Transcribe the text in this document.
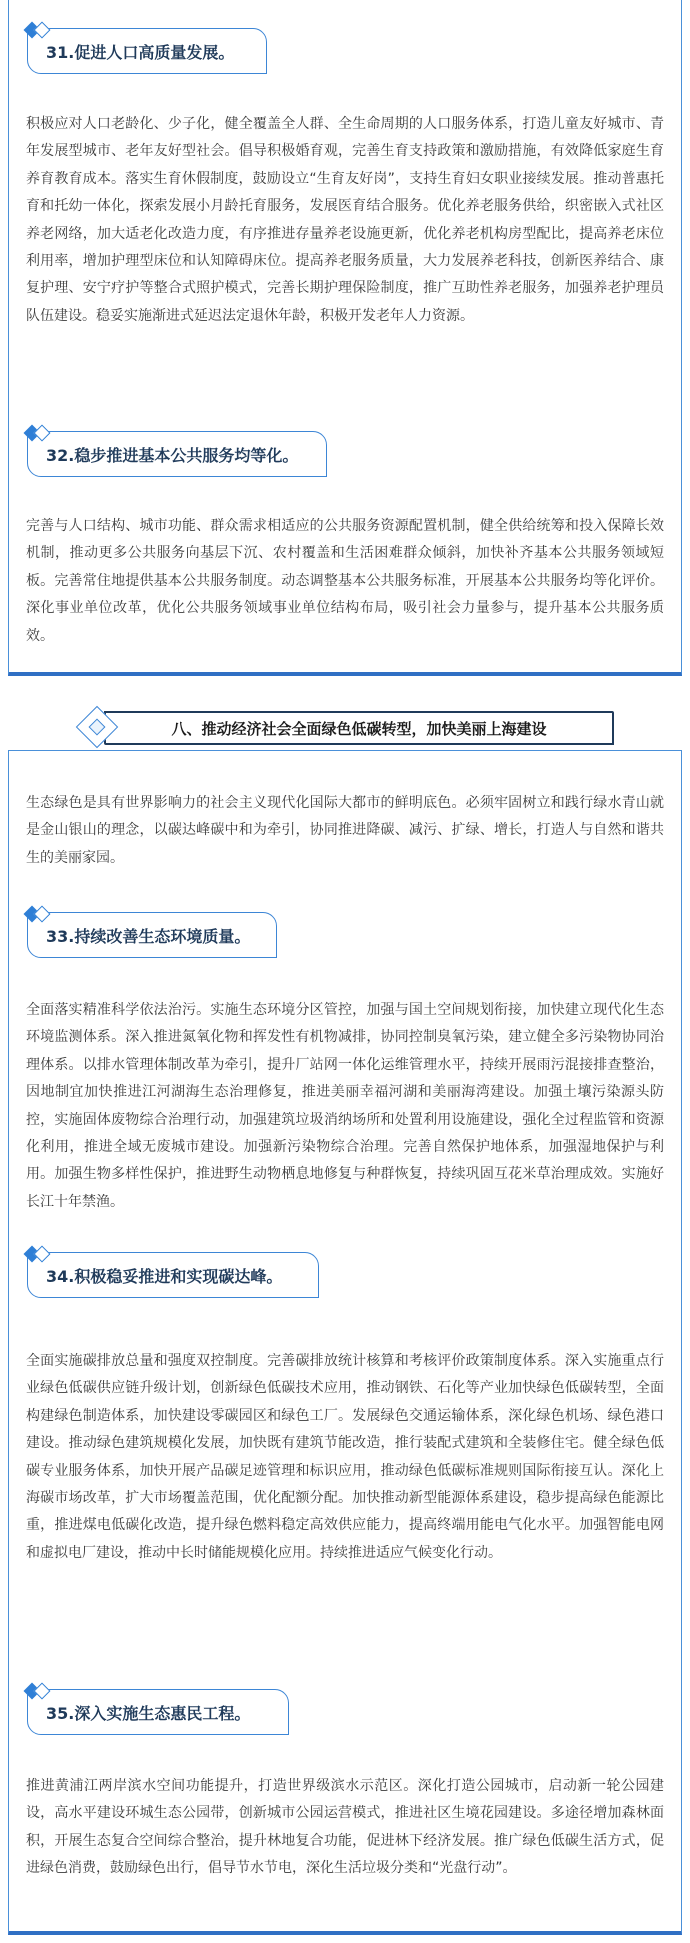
31.促进人口高质量发展。

积极应对人口老龄化、少子化，健全覆盖全人群、全生命周期的人口服务体系，打造儿童友好城市、青年发展型城市、老年友好型社会。倡导积极婚育观，完善生育支持政策和激励措施，有效降低家庭生育养育教育成本。落实生育休假制度，鼓励设立“生育友好岗”，支持生育妇女职业接续发展。推动普惠托育和托幼一体化，探索发展小月龄托育服务，发展医育结合服务。优化养老服务供给，织密嵌入式社区养老网络，加大适老化改造力度，有序推进存量养老设施更新，优化养老机构房型配比，提高养老床位利用率，增加护理型床位和认知障碍床位。提高养老服务质量，大力发展养老科技，创新医养结合、康复护理、安宁疗护等整合式照护模式，完善长期护理保险制度，推广互助性养老服务，加强养老护理员队伍建设。稳妥实施渐进式延迟法定退休年龄，积极开发老年人力资源。

32.稳步推进基本公共服务均等化。

完善与人口结构、城市功能、群众需求相适应的公共服务资源配置机制，健全供给统筹和投入保障长效机制，推动更多公共服务向基层下沉、农村覆盖和生活困难群众倾斜，加快补齐基本公共服务领域短板。完善常住地提供基本公共服务制度。动态调整基本公共服务标准，开展基本公共服务均等化评价。深化事业单位改革，优化公共服务领域事业单位结构布局，吸引社会力量参与，提升基本公共服务质效。

八、推动经济社会全面绿色低碳转型，加快美丽上海建设

生态绿色是具有世界影响力的社会主义现代化国际大都市的鲜明底色。必须牢固树立和践行绿水青山就是金山银山的理念，以碳达峰碳中和为牵引，协同推进降碳、减污、扩绿、增长，打造人与自然和谐共生的美丽家园。

33.持续改善生态环境质量。

全面落实精准科学依法治污。实施生态环境分区管控，加强与国土空间规划衔接，加快建立现代化生态环境监测体系。深入推进氮氧化物和挥发性有机物减排，协同控制臭氧污染，建立健全多污染物协同治理体系。以排水管理体制改革为牵引，提升厂站网一体化运维管理水平，持续开展雨污混接排查整治，因地制宜加快推进江河湖海生态治理修复，推进美丽幸福河湖和美丽海湾建设。加强土壤污染源头防控，实施固体废物综合治理行动，加强建筑垃圾消纳场所和处置利用设施建设，强化全过程监管和资源化利用，推进全域无废城市建设。加强新污染物综合治理。完善自然保护地体系，加强湿地保护与利用。加强生物多样性保护，推进野生动物栖息地修复与种群恢复，持续巩固互花米草治理成效。实施好长江十年禁渔。

34.积极稳妥推进和实现碳达峰。

全面实施碳排放总量和强度双控制度。完善碳排放统计核算和考核评价政策制度体系。深入实施重点行业绿色低碳供应链升级计划，创新绿色低碳技术应用，推动钢铁、石化等产业加快绿色低碳转型，全面构建绿色制造体系，加快建设零碳园区和绿色工厂。发展绿色交通运输体系，深化绿色机场、绿色港口建设。推动绿色建筑规模化发展，加快既有建筑节能改造，推行装配式建筑和全装修住宅。健全绿色低碳专业服务体系，加快开展产品碳足迹管理和标识应用，推动绿色低碳标准规则国际衔接互认。深化上海碳市场改革，扩大市场覆盖范围，优化配额分配。加快推动新型能源体系建设，稳步提高绿色能源比重，推进煤电低碳化改造，提升绿色燃料稳定高效供应能力，提高终端用能电气化水平。加强智能电网和虚拟电厂建设，推动中长时储能规模化应用。持续推进适应气候变化行动。

35.深入实施生态惠民工程。

推进黄浦江两岸滨水空间功能提升，打造世界级滨水示范区。深化打造公园城市，启动新一轮公园建设，高水平建设环城生态公园带，创新城市公园运营模式，推进社区生境花园建设。多途径增加森林面积，开展生态复合空间综合整治，提升林地复合功能，促进林下经济发展。推广绿色低碳生活方式，促进绿色消费，鼓励绿色出行，倡导节水节电，深化生活垃圾分类和“光盘行动”。
